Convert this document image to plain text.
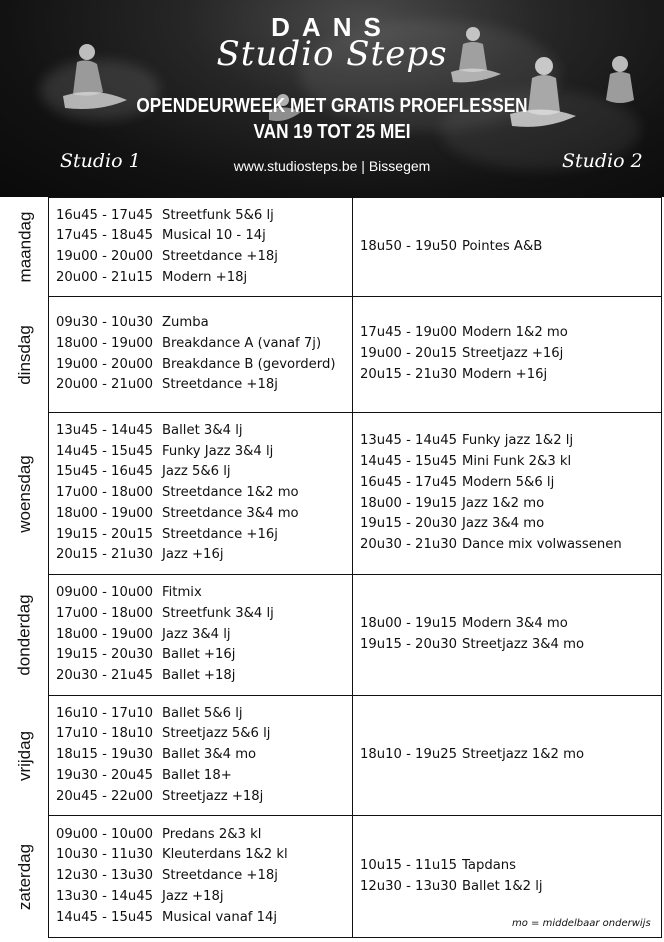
DANS
Studio Steps
OPENDEURWEEK MET GRATIS PROEFLESSEN
VAN 19 TOT 25 MEI
www.studiosteps.be | Bissegem
Studio 1	Studio 2
maandag 16u45 - 17u45 Streetfunk 5&6 lj
17u45 - 18u45 Musical 10 - 14j
19u00 - 20u00 Streetdance +18j
20u00 - 21u15 Modern +18j
18u50 - 19u50 Pointes A&B
dinsdag
09u30 - 10u30 Zumba
18u00 - 19u00 Breakdance A (vanaf 7j)
19u00 - 20u00 Breakdance B (gevorderd)
20u00 - 21u00 Streetdance +18j
17u45 - 19u00 Modern 1&2 mo
19u00 - 20u15 Streetjazz +16j
20u15 - 21u30 Modern +16j
woensdag
13u45 - 14u45 Ballet 3&4 lj
14u45 - 15u45 Funky Jazz 3&4 lj
15u45 - 16u45 Jazz 5&6 lj
17u00 - 18u00 Streetdance 1&2 mo
18u00 - 19u00 Streetdance 3&4 mo
19u15 - 20u15 Streetdance +16j
20u15 - 21u30 Jazz +16j
13u45 - 14u45 Funky jazz 1&2 lj
14u45 - 15u45 Mini Funk 2&3 kl
16u45 - 17u45 Modern 5&6 lj
18u00 - 19u15 Jazz 1&2 mo
19u15 - 20u30 Jazz 3&4 mo
20u30 - 21u30 Dance mix volwassenen
donderdag
09u00 - 10u00 Fitmix
17u00 - 18u00 Streetfunk 3&4 lj
18u00 - 19u00 Jazz 3&4 lj
19u15 - 20u30 Ballet +16j
20u30 - 21u45 Ballet +18j
18u00 - 19u15 Modern 3&4 mo
19u15 - 20u30 Streetjazz 3&4 mo
vrijdag
16u10 - 17u10 Ballet 5&6 lj
17u10 - 18u10 Streetjazz 5&6 lj
18u15 - 19u30 Ballet 3&4 mo
19u30 - 20u45 Ballet 18+
20u45 - 22u00 Streetjazz +18j
18u10 - 19u25 Streetjazz 1&2 mo
zaterdag
09u00 - 10u00 Predans 2&3 kl
10u30 - 11u30 Kleuterdans 1&2 kl
12u30 - 13u30 Streetdance +18j
13u30 - 14u45 Jazz +18j
14u45 - 15u45 Musical vanaf 14j
10u15 - 11u15 Tapdans
12u30 - 13u30 Ballet 1&2 lj
mo = middelbaar onderwijs
